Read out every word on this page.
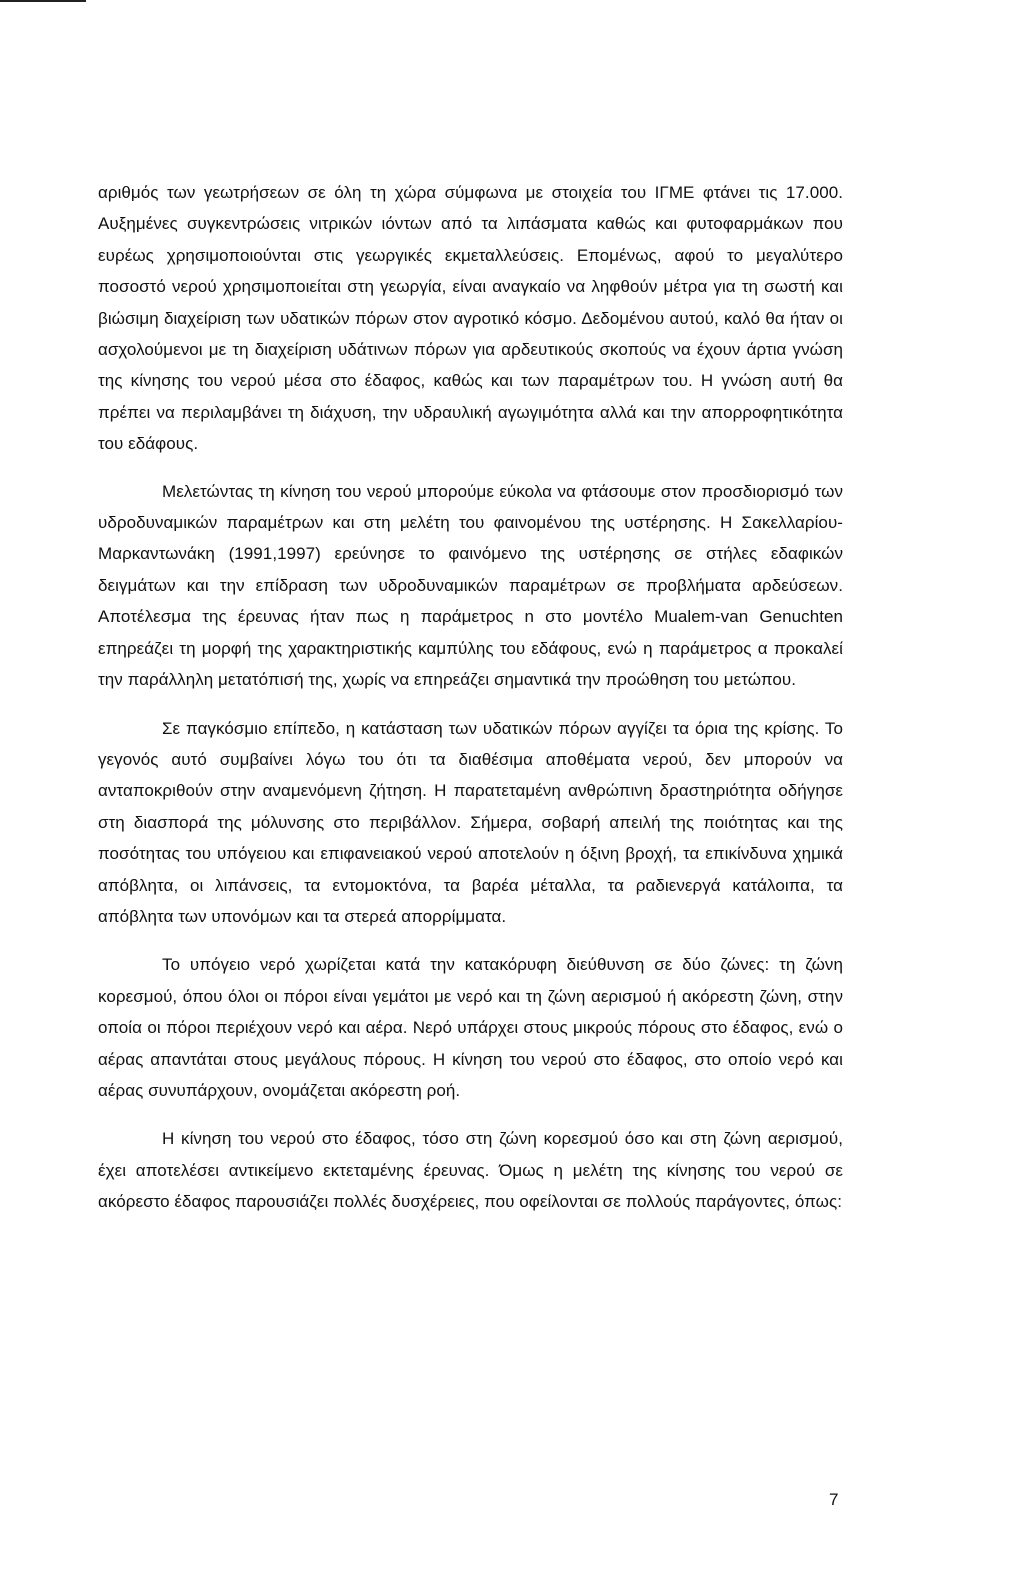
αριθμός των γεωτρήσεων σε όλη τη χώρα σύμφωνα με στοιχεία του ΙΓΜΕ φτάνει τις 17.000. Αυξημένες συγκεντρώσεις νιτρικών ιόντων από τα λιπάσματα καθώς και φυτοφαρμάκων που ευρέως χρησιμοποιούνται στις γεωργικές εκμεταλλεύσεις. Επομένως, αφού το μεγαλύτερο ποσοστό νερού χρησιμοποιείται στη γεωργία, είναι αναγκαίο να ληφθούν μέτρα για τη σωστή και βιώσιμη διαχείριση των υδατικών πόρων στον αγροτικό κόσμο. Δεδομένου αυτού, καλό θα ήταν οι ασχολούμενοι με τη διαχείριση υδάτινων πόρων για αρδευτικούς σκοπούς να έχουν άρτια γνώση της κίνησης του νερού μέσα στο έδαφος, καθώς και των παραμέτρων του. Η γνώση αυτή θα πρέπει να περιλαμβάνει τη διάχυση, την υδραυλική αγωγιμότητα αλλά και την απορροφητικότητα του εδάφους.

Μελετώντας τη κίνηση του νερού μπορούμε εύκολα να φτάσουμε στον προσδιορισμό των υδροδυναμικών παραμέτρων και στη μελέτη του φαινομένου της υστέρησης. Η Σακελλαρίου-Μαρκαντωνάκη (1991,1997) ερεύνησε το φαινόμενο της υστέρησης σε στήλες εδαφικών δειγμάτων και την επίδραση των υδροδυναμικών παραμέτρων σε προβλήματα αρδεύσεων. Αποτέλεσμα της έρευνας ήταν πως η παράμετρος n στο μοντέλο Mualem-van Genuchten επηρεάζει τη μορφή της χαρακτηριστικής καμπύλης του εδάφους, ενώ η παράμετρος α προκαλεί την παράλληλη μετατόπισή της, χωρίς να επηρεάζει σημαντικά την προώθηση του μετώπου.

Σε παγκόσμιο επίπεδο, η κατάσταση των υδατικών πόρων αγγίζει τα όρια της κρίσης. Το γεγονός αυτό συμβαίνει λόγω του ότι τα διαθέσιμα αποθέματα νερού, δεν μπορούν να ανταποκριθούν στην αναμενόμενη ζήτηση. Η παρατεταμένη ανθρώπινη δραστηριότητα οδήγησε στη διασπορά της μόλυνσης στο περιβάλλον. Σήμερα, σοβαρή απειλή της ποιότητας και της ποσότητας του υπόγειου και επιφανειακού νερού αποτελούν η όξινη βροχή, τα επικίνδυνα χημικά απόβλητα, οι λιπάνσεις, τα εντομοκτόνα, τα βαρέα μέταλλα, τα ραδιενεργά κατάλοιπα, τα απόβλητα των υπονόμων και τα στερεά απορρίμματα.

Το υπόγειο νερό χωρίζεται κατά την κατακόρυφη διεύθυνση σε δύο ζώνες: τη ζώνη κορεσμού, όπου όλοι οι πόροι είναι γεμάτοι με νερό και τη ζώνη αερισμού ή ακόρεστη ζώνη, στην οποία οι πόροι περιέχουν νερό και αέρα. Νερό υπάρχει στους μικρούς πόρους στο έδαφος, ενώ ο αέρας απαντάται στους μεγάλους πόρους. Η κίνηση του νερού στο έδαφος, στο οποίο νερό και αέρας συνυπάρχουν, ονομάζεται ακόρεστη ροή.

Η κίνηση του νερού στο έδαφος, τόσο στη ζώνη κορεσμού όσο και στη ζώνη αερισμού, έχει αποτελέσει αντικείμενο εκτεταμένης έρευνας. Όμως η μελέτη της κίνησης του νερού σε ακόρεστο έδαφος παρουσιάζει πολλές δυσχέρειες, που οφείλονται σε πολλούς παράγοντες, όπως:

7
